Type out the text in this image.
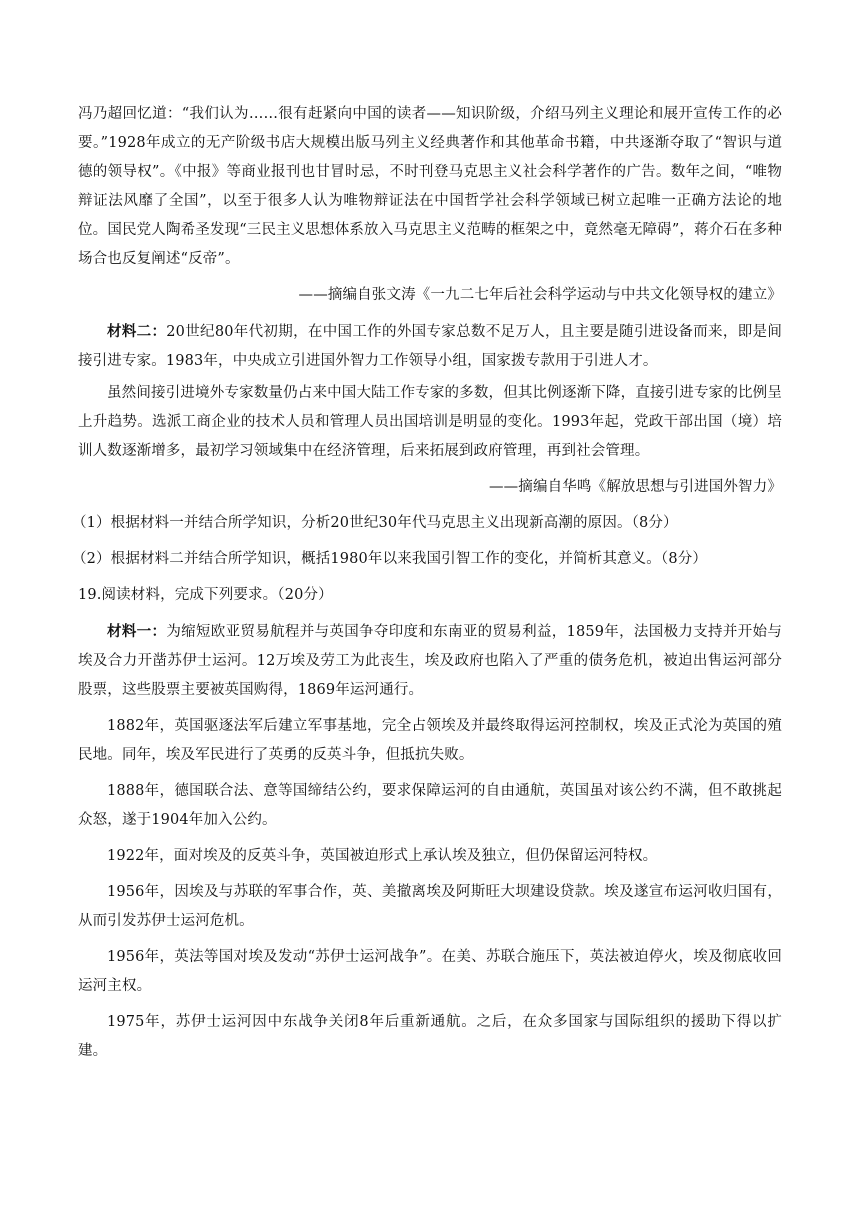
冯乃超回忆道：“我们认为……很有赶紧向中国的读者——知识阶级，介绍马列主义理论和展开宣传工作的必要。”1928年成立的无产阶级书店大规模出版马列主义经典著作和其他革命书籍，中共逐渐夺取了“智识与道德的领导权”。《中报》等商业报刊也甘冒时忌，不时刊登马克思主义社会科学著作的广告。数年之间，“唯物辩证法风靡了全国”，以至于很多人认为唯物辩证法在中国哲学社会科学领域已树立起唯一正确方法论的地位。国民党人陶希圣发现“三民主义思想体系放入马克思主义范畴的框架之中，竟然毫无障碍”，蒋介石在多种场合也反复阐述“反帝”。

——摘编自张文涛《一九二七年后社会科学运动与中共文化领导权的建立》

材料二：20世纪80年代初期，在中国工作的外国专家总数不足万人，且主要是随引进设备而来，即是间接引进专家。1983年，中央成立引进国外智力工作领导小组，国家拨专款用于引进人才。

虽然间接引进境外专家数量仍占来中国大陆工作专家的多数，但其比例逐渐下降，直接引进专家的比例呈上升趋势。选派工商企业的技术人员和管理人员出国培训是明显的变化。1993年起，党政干部出国（境）培训人数逐渐增多，最初学习领域集中在经济管理，后来拓展到政府管理，再到社会管理。

——摘编自华鸣《解放思想与引进国外智力》

（1）根据材料一并结合所学知识，分析20世纪30年代马克思主义出现新高潮的原因。（8分）

（2）根据材料二并结合所学知识，概括1980年以来我国引智工作的变化，并简析其意义。（8分）

19.阅读材料，完成下列要求。（20分）

材料一：为缩短欧亚贸易航程并与英国争夺印度和东南亚的贸易利益，1859年，法国极力支持并开始与埃及合力开凿苏伊士运河。12万埃及劳工为此丧生，埃及政府也陷入了严重的债务危机，被迫出售运河部分股票，这些股票主要被英国购得，1869年运河通行。

1882年，英国驱逐法军后建立军事基地，完全占领埃及并最终取得运河控制权，埃及正式沦为英国的殖民地。同年，埃及军民进行了英勇的反英斗争，但抵抗失败。

1888年，德国联合法、意等国缔结公约，要求保障运河的自由通航，英国虽对该公约不满，但不敢挑起众怒，遂于1904年加入公约。

1922年，面对埃及的反英斗争，英国被迫形式上承认埃及独立，但仍保留运河特权。

1956年，因埃及与苏联的军事合作，英、美撤离埃及阿斯旺大坝建设贷款。埃及遂宣布运河收归国有，从而引发苏伊士运河危机。

1956年，英法等国对埃及发动“苏伊士运河战争”。在美、苏联合施压下，英法被迫停火，埃及彻底收回运河主权。

1975年，苏伊士运河因中东战争关闭8年后重新通航。之后，在众多国家与国际组织的援助下得以扩建。
